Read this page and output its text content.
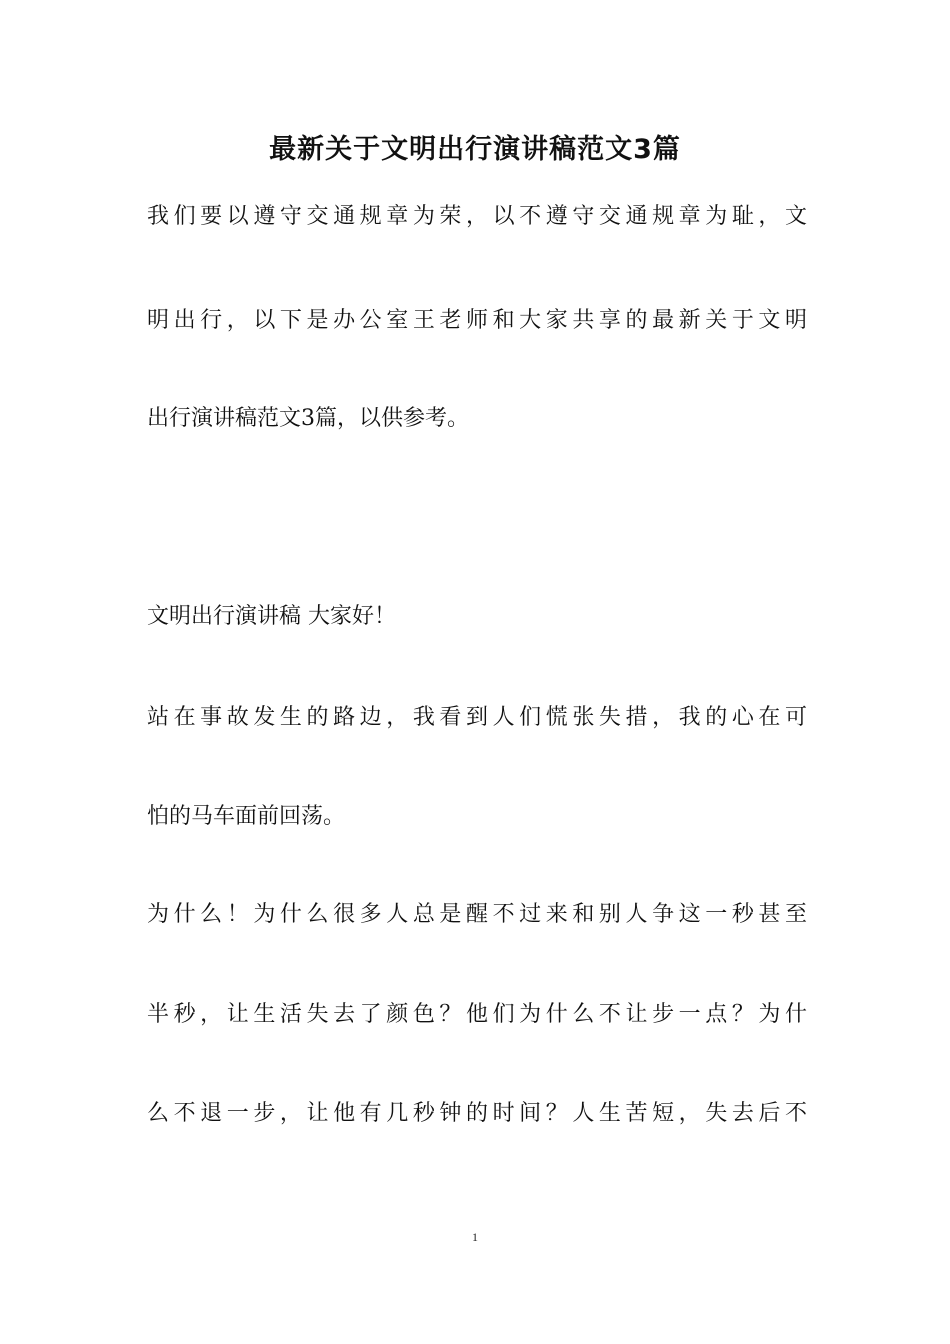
最新关于文明出行演讲稿范文3篇
我们要以遵守交通规章为荣，以不遵守交通规章为耻，文
明出行，以下是办公室王老师和大家共享的最新关于文明
出行演讲稿范文3篇，以供参考。
文明出行演讲稿 大家好！
站在事故发生的路边，我看到人们慌张失措，我的心在可
怕的马车面前回荡。
为什么！为什么很多人总是醒不过来和别人争这一秒甚至
半秒，让生活失去了颜色？他们为什么不让步一点？为什
么不退一步，让他有几秒钟的时间？人生苦短，失去后不
1
